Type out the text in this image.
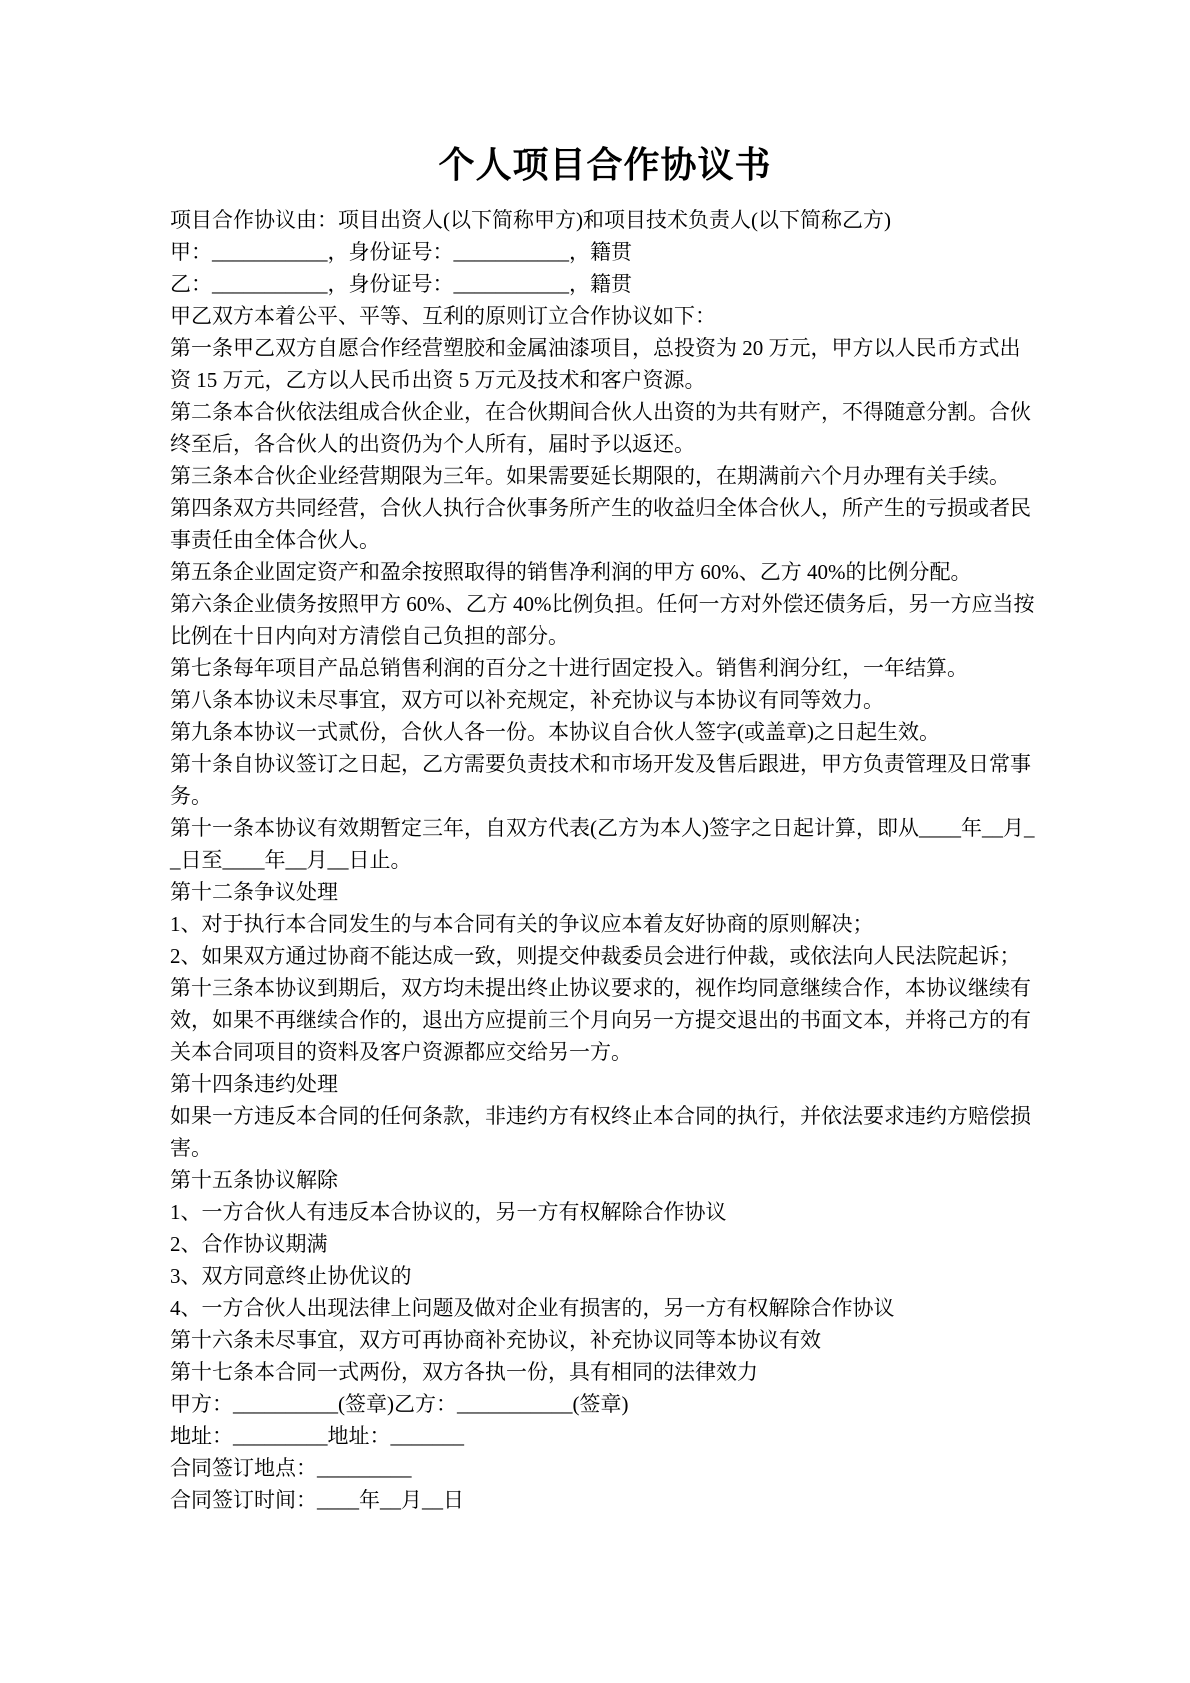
个人项目合作协议书

项目合作协议由：项目出资人(以下简称甲方)和项目技术负责人(以下简称乙方)

甲：___________，身份证号：___________，籍贯

乙：___________，身份证号：___________，籍贯

甲乙双方本着公平、平等、互利的原则订立合作协议如下：

第一条甲乙双方自愿合作经营塑胶和金属油漆项目，总投资为 20 万元，甲方以人民币方式出资 15 万元，乙方以人民币出资 5 万元及技术和客户资源。

第二条本合伙依法组成合伙企业，在合伙期间合伙人出资的为共有财产，不得随意分割。合伙终至后，各合伙人的出资仍为个人所有，届时予以返还。

第三条本合伙企业经营期限为三年。如果需要延长期限的，在期满前六个月办理有关手续。

第四条双方共同经营，合伙人执行合伙事务所产生的收益归全体合伙人，所产生的亏损或者民事责任由全体合伙人。

第五条企业固定资产和盈余按照取得的销售净利润的甲方 60%、乙方 40%的比例分配。

第六条企业债务按照甲方 60%、乙方 40%比例负担。任何一方对外偿还债务后，另一方应当按比例在十日内向对方清偿自己负担的部分。

第七条每年项目产品总销售利润的百分之十进行固定投入。销售利润分红，一年结算。

第八条本协议未尽事宜，双方可以补充规定，补充协议与本协议有同等效力。

第九条本协议一式贰份，合伙人各一份。本协议自合伙人签字(或盖章)之日起生效。

第十条自协议签订之日起，乙方需要负责技术和市场开发及售后跟进，甲方负责管理及日常事务。

第十一条本协议有效期暂定三年，自双方代表(乙方为本人)签字之日起计算，即从____年__月__日至____年__月__日止。

第十二条争议处理

1、对于执行本合同发生的与本合同有关的争议应本着友好协商的原则解决；

2、如果双方通过协商不能达成一致，则提交仲裁委员会进行仲裁，或依法向人民法院起诉；

第十三条本协议到期后，双方均未提出终止协议要求的，视作均同意继续合作，本协议继续有效，如果不再继续合作的，退出方应提前三个月向另一方提交退出的书面文本，并将己方的有关本合同项目的资料及客户资源都应交给另一方。

第十四条违约处理

如果一方违反本合同的任何条款，非违约方有权终止本合同的执行，并依法要求违约方赔偿损害。

第十五条协议解除

1、一方合伙人有违反本合协议的，另一方有权解除合作协议

2、合作协议期满

3、双方同意终止协优议的

4、一方合伙人出现法律上问题及做对企业有损害的，另一方有权解除合作协议

第十六条未尽事宜，双方可再协商补充协议，补充协议同等本协议有效

第十七条本合同一式两份，双方各执一份，具有相同的法律效力

甲方：__________(签章)乙方：___________(签章)

地址：_________地址：_______

合同签订地点：_________

合同签订时间：____年__月__日
